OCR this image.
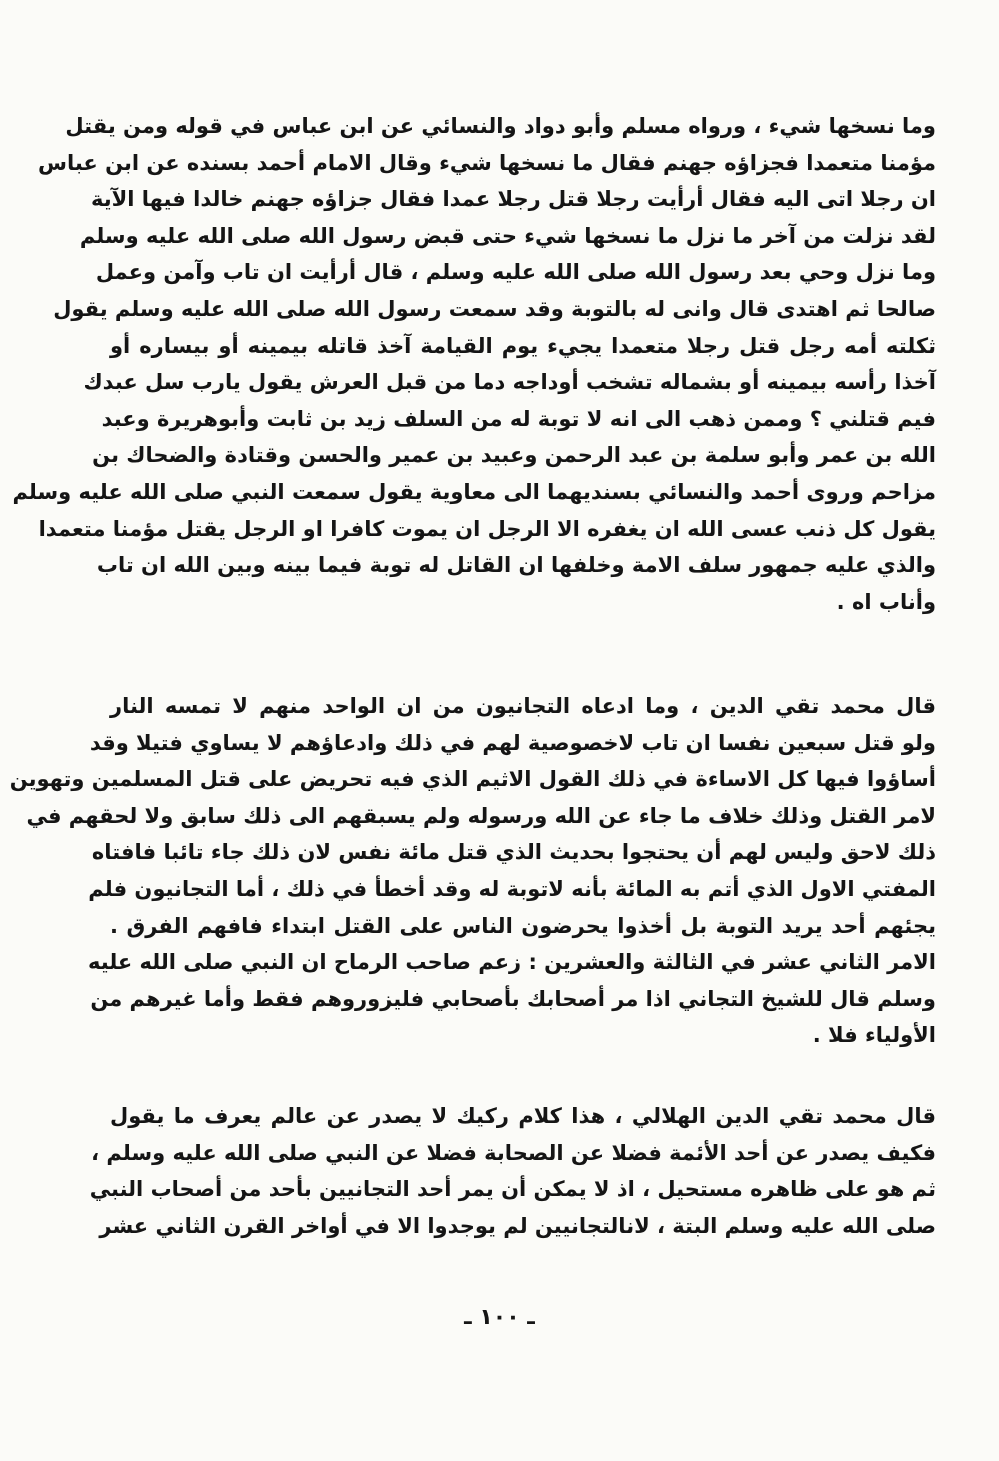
وما نسخها شيء ، ورواه مسلم وأبو دواد والنسائي عن ابن عباس في قوله ومن يقتل
مؤمنا متعمدا فجزاؤه جهنم فقال ما نسخها شيء وقال الامام أحمد بسنده عن ابن عباس
ان رجلا اتى اليه فقال أرأيت رجلا قتل رجلا عمدا فقال جزاؤه جهنم خالدا فيها الآية
لقد نزلت من آخر ما نزل ما نسخها شيء حتى قبض رسول الله صلى الله عليه وسلم
وما نزل وحي بعد رسول الله صلى الله عليه وسلم ، قال أرأيت ان تاب وآمن وعمل
صالحا ثم اهتدى قال وانى له بالتوبة وقد سمعت رسول الله صلى الله عليه وسلم يقول
ثكلته أمه رجل قتل رجلا متعمدا يجيء يوم القيامة آخذ قاتله بيمينه أو بيساره أو
آخذا رأسه بيمينه أو بشماله تشخب أوداجه دما من قبل العرش يقول يارب سل عبدك
فيم قتلني ؟ وممن ذهب الى انه لا توبة له من السلف زيد بن ثابت وأبوهريرة وعبد
الله بن عمر وأبو سلمة بن عبد الرحمن وعبيد بن عمير والحسن وقتادة والضحاك بن
مزاحم وروى أحمد والنسائي بسنديهما الى معاوية يقول سمعت النبي صلى الله عليه وسلم
يقول كل ذنب عسى الله ان يغفره الا الرجل ان يموت كافرا او الرجل يقتل مؤمنا متعمدا
والذي عليه جمهور سلف الامة وخلفها ان القاتل له توبة فيما بينه وبين الله ان تاب
وأناب اه .
قال محمد تقي الدين ، وما ادعاه التجانيون من ان الواحد منهم لا تمسه النار
ولو قتل سبعين نفسا ان تاب لاخصوصية لهم في ذلك وادعاؤهم لا يساوي فتيلا وقد
أساؤوا فيها كل الاساءة في ذلك القول الاثيم الذي فيه تحريض على قتل المسلمين وتهوين
لامر القتل وذلك خلاف ما جاء عن الله ورسوله ولم يسبقهم الى ذلك سابق ولا لحقهم في
ذلك لاحق وليس لهم أن يحتجوا بحديث الذي قتل مائة نفس لان ذلك جاء تائبا فافتاه
المفتي الاول الذي أتم به المائة بأنه لاتوبة له وقد أخطأ في ذلك ، أما التجانيون فلم
يجئهم أحد يريد التوبة بل أخذوا يحرضون الناس على القتل ابتداء فافهم الفرق .
الامر الثاني عشر في الثالثة والعشرين : زعم صاحب الرماح ان النبي صلى الله عليه
وسلم قال للشيخ التجاني اذا مر أصحابك بأصحابي فليزوروهم فقط وأما غيرهم من
الأولياء فلا .
قال محمد تقي الدين الهلالي ، هذا كلام ركيك لا يصدر عن عالم يعرف ما يقول
فكيف يصدر عن أحد الأئمة فضلا عن الصحابة فضلا عن النبي صلى الله عليه وسلم ،
ثم هو على ظاهره مستحيل ، اذ لا يمكن أن يمر أحد التجانيين بأحد من أصحاب النبي
صلى الله عليه وسلم البتة ، لانالتجانيين لم يوجدوا الا في أواخر القرن الثاني عشر
ـ ١٠٠ ـ
